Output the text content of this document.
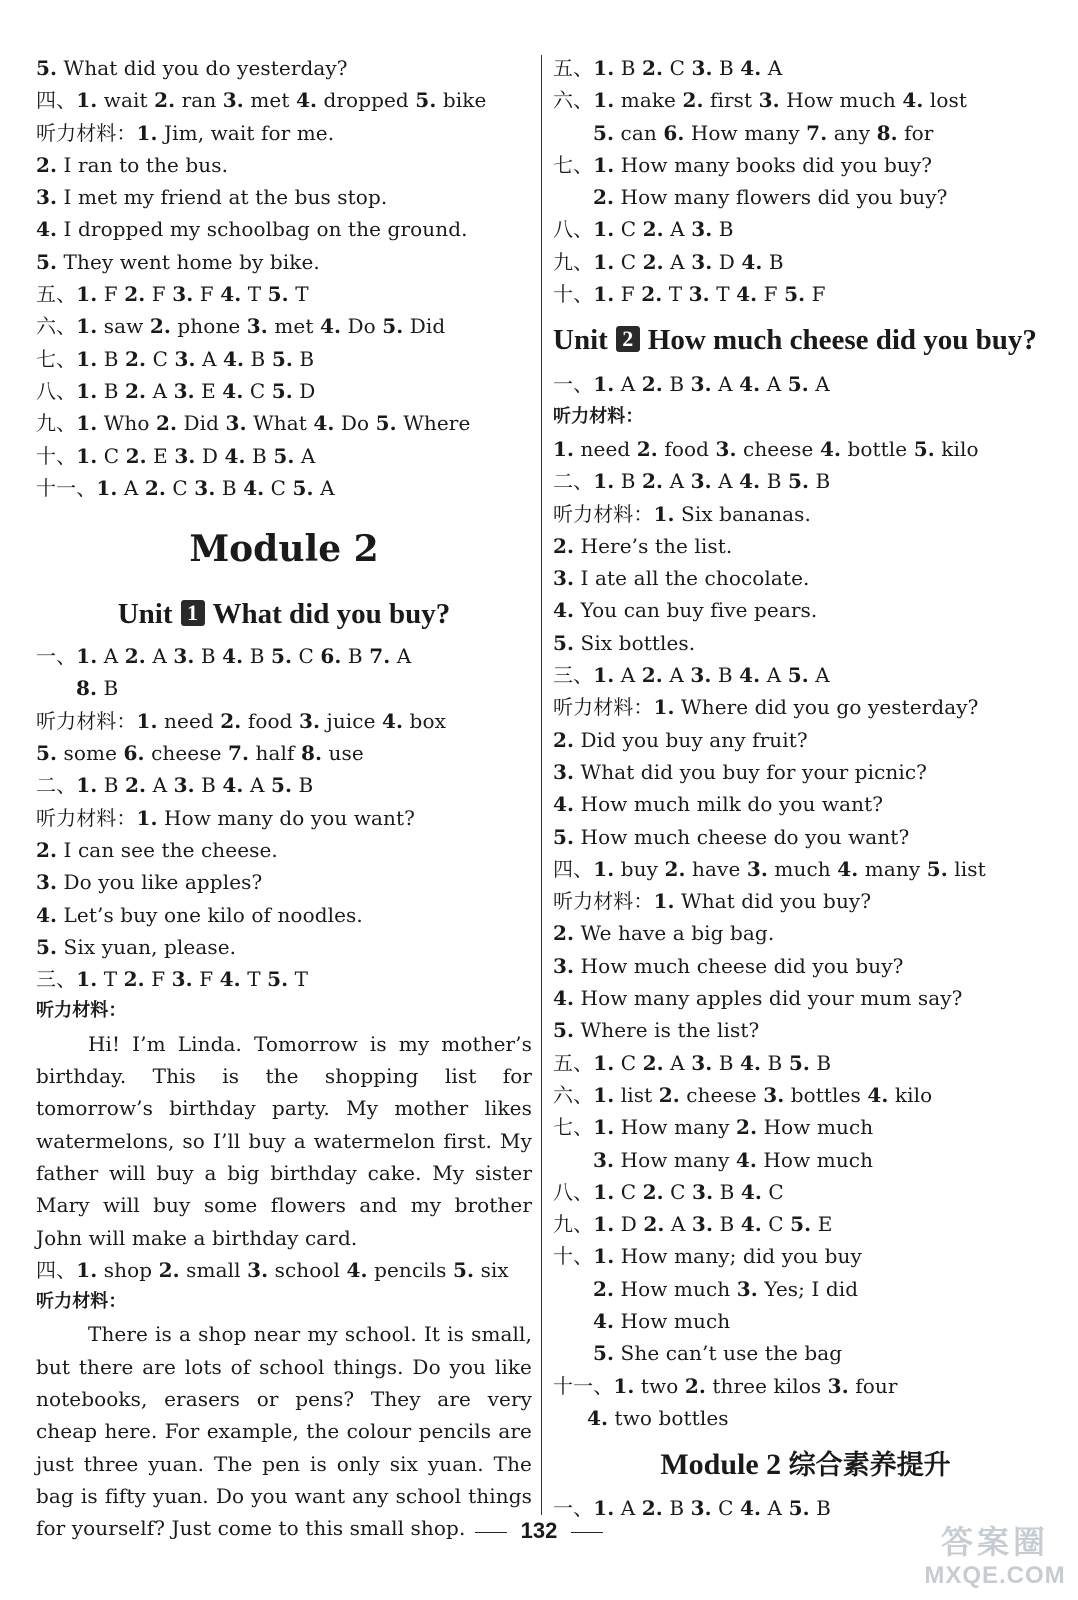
5. What did you do yesterday?
四、1. wait 2. ran 3. met 4. dropped 5. bike
听力材料：1. Jim, wait for me.
2. I ran to the bus.
3. I met my friend at the bus stop.
4. I dropped my schoolbag on the ground.
5. They went home by bike.
五、1. F 2. F 3. F 4. T 5. T
六、1. saw 2. phone 3. met 4. Do 5. Did
七、1. B 2. C 3. A 4. B 5. B
八、1. B 2. A 3. E 4. C 5. D
九、1. Who 2. Did 3. What 4. Do 5. Where
十、1. C 2. E 3. D 4. B 5. A
十一、1. A 2. C 3. B 4. C 5. A
Module 2
Unit 1 What did you buy?
一、1. A 2. A 3. B 4. B 5. C 6. B 7. A
8. B
听力材料：1. need 2. food 3. juice 4. box
5. some 6. cheese 7. half 8. use
二、1. B 2. A 3. B 4. A 5. B
听力材料：1. How many do you want?
2. I can see the cheese.
3. Do you like apples?
4. Let’s buy one kilo of noodles.
5. Six yuan, please.
三、1. T 2. F 3. F 4. T 5. T
听力材料：
Hi! I’m Linda. Tomorrow is my mother’s birthday. This is the shopping list for tomorrow’s birthday party. My mother likes watermelons, so I’ll buy a watermelon first. My father will buy a big birthday cake. My sister Mary will buy some flowers and my brother John will make a birthday card.
四、1. shop 2. small 3. school 4. pencils 5. six
听力材料：
There is a shop near my school. It is small, but there are lots of school things. Do you like notebooks, erasers or pens? They are very cheap here. For example, the colour pencils are just three yuan. The pen is only six yuan. The bag is fifty yuan. Do you want any school things for yourself? Just come to this small shop.
五、1. B 2. C 3. B 4. A
六、1. make 2. first 3. How much 4. lost
5. can 6. How many 7. any 8. for
七、1. How many books did you buy?
2. How many flowers did you buy?
八、1. C 2. A 3. B
九、1. C 2. A 3. D 4. B
十、1. F 2. T 3. T 4. F 5. F
Unit 2 How much cheese did you buy?
一、1. A 2. B 3. A 4. A 5. A
听力材料：
1. need 2. food 3. cheese 4. bottle 5. kilo
二、1. B 2. A 3. A 4. B 5. B
听力材料：1. Six bananas.
2. Here’s the list.
3. I ate all the chocolate.
4. You can buy five pears.
5. Six bottles.
三、1. A 2. A 3. B 4. A 5. A
听力材料：1. Where did you go yesterday?
2. Did you buy any fruit?
3. What did you buy for your picnic?
4. How much milk do you want?
5. How much cheese do you want?
四、1. buy 2. have 3. much 4. many 5. list
听力材料：1. What did you buy?
2. We have a big bag.
3. How much cheese did you buy?
4. How many apples did your mum say?
5. Where is the list?
五、1. C 2. A 3. B 4. B 5. B
六、1. list 2. cheese 3. bottles 4. kilo
七、1. How many 2. How much
3. How many 4. How much
八、1. C 2. C 3. B 4. C
九、1. D 2. A 3. B 4. C 5. E
十、1. How many; did you buy
2. How much 3. Yes; I did
4. How much
5. She can’t use the bag
十一、1. two 2. three kilos 3. four
4. two bottles
Module 2 综合素养提升
一、1. A 2. B 3. C 4. A 5. B
132	答案圈
MXQE.COM
